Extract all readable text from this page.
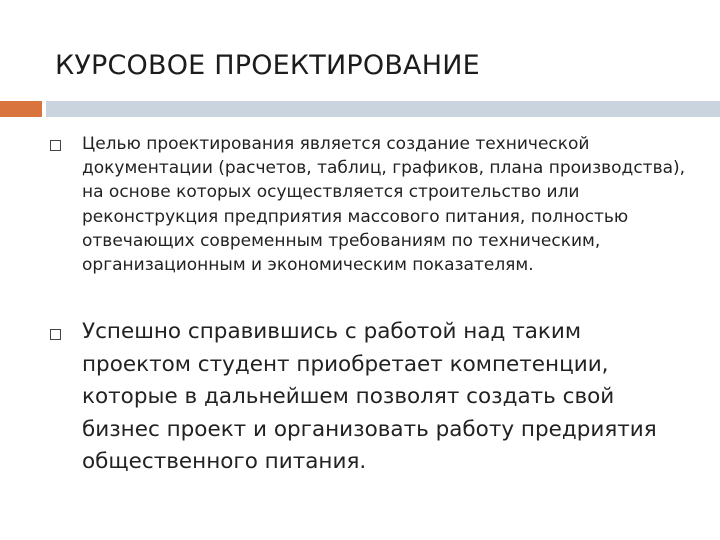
КУРСОВОЕ ПРОЕКТИРОВАНИЕ
Целью проектирования является создание технической документации (расчетов, таблиц, графиков, плана производства), на основе которых осуществляется строительство или реконструкция предприятия массового питания, полностью отвечающих современным требованиям по техническим, организационным и экономическим показателям.
Успешно справившись с работой над таким проектом студент приобретает компетенции, которые в дальнейшем позволят создать свой бизнес проект и организовать работу предриятия общественного питания.
